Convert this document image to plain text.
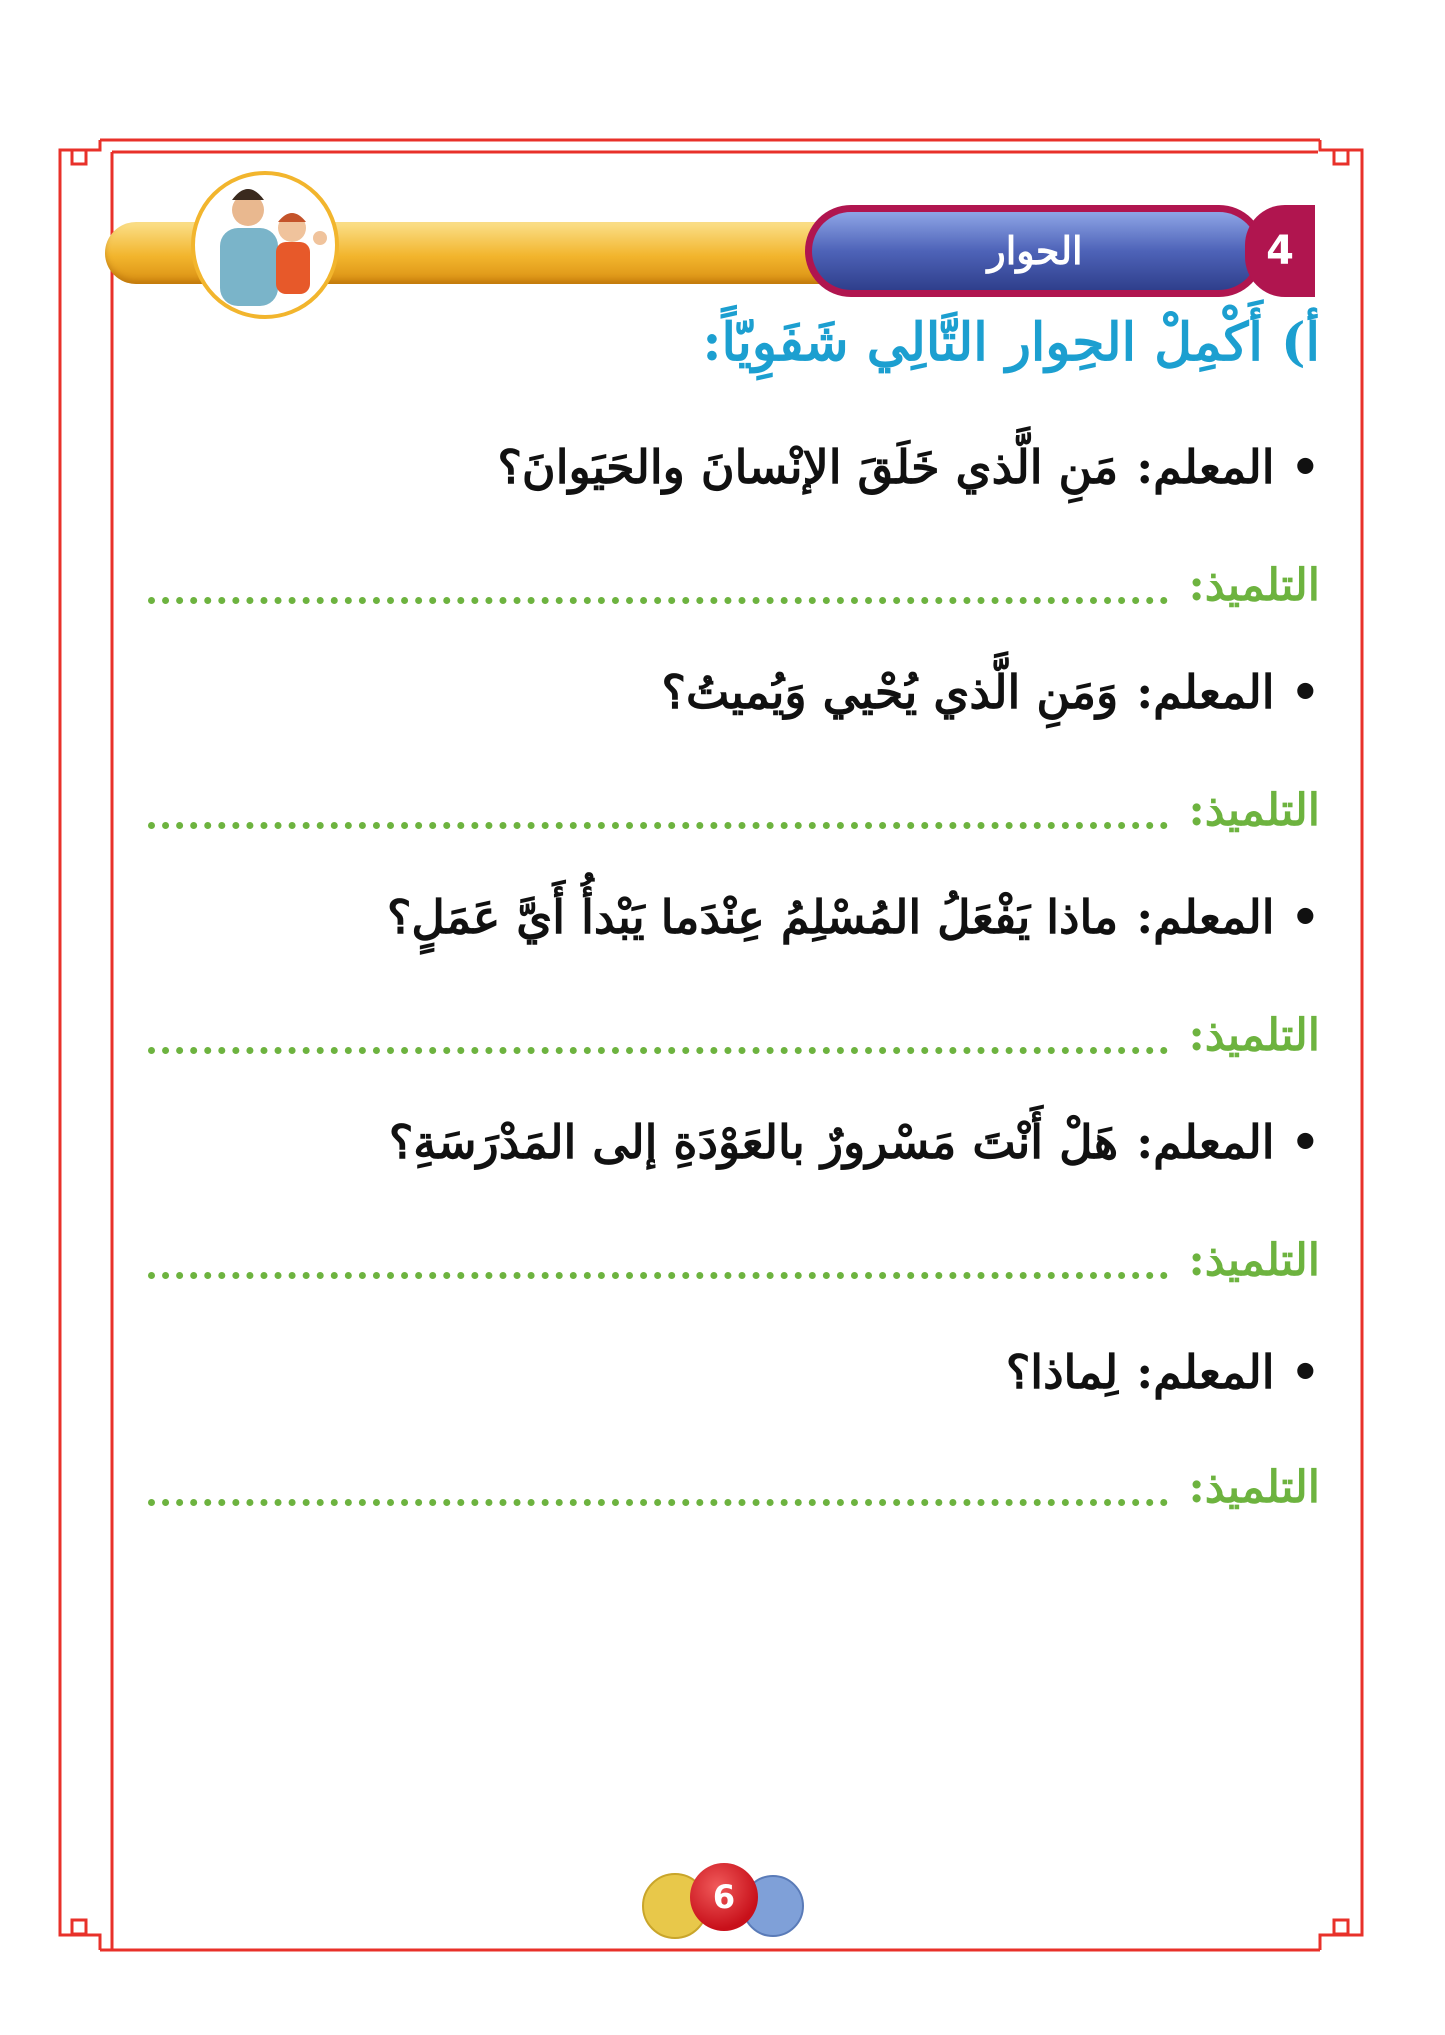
الحوار	4
أ) أَكْمِلْ الحِوار التَّالِي شَفَوِيّاً:
•المعلم:مَنِ الَّذي خَلَقَ الإنْسانَ والحَيَوانَ؟
التلميذ:
•المعلم:وَمَنِ الَّذي يُحْيي وَيُميتُ؟
التلميذ:
•المعلم:ماذا يَفْعَلُ المُسْلِمُ عِنْدَما يَبْدأُ أَيَّ عَمَلٍ؟
التلميذ:
•المعلم:هَلْ أَنْتَ مَسْرورٌ بالعَوْدَةِ إلى المَدْرَسَةِ؟
التلميذ:
•المعلم:لِماذا؟
التلميذ:
6
